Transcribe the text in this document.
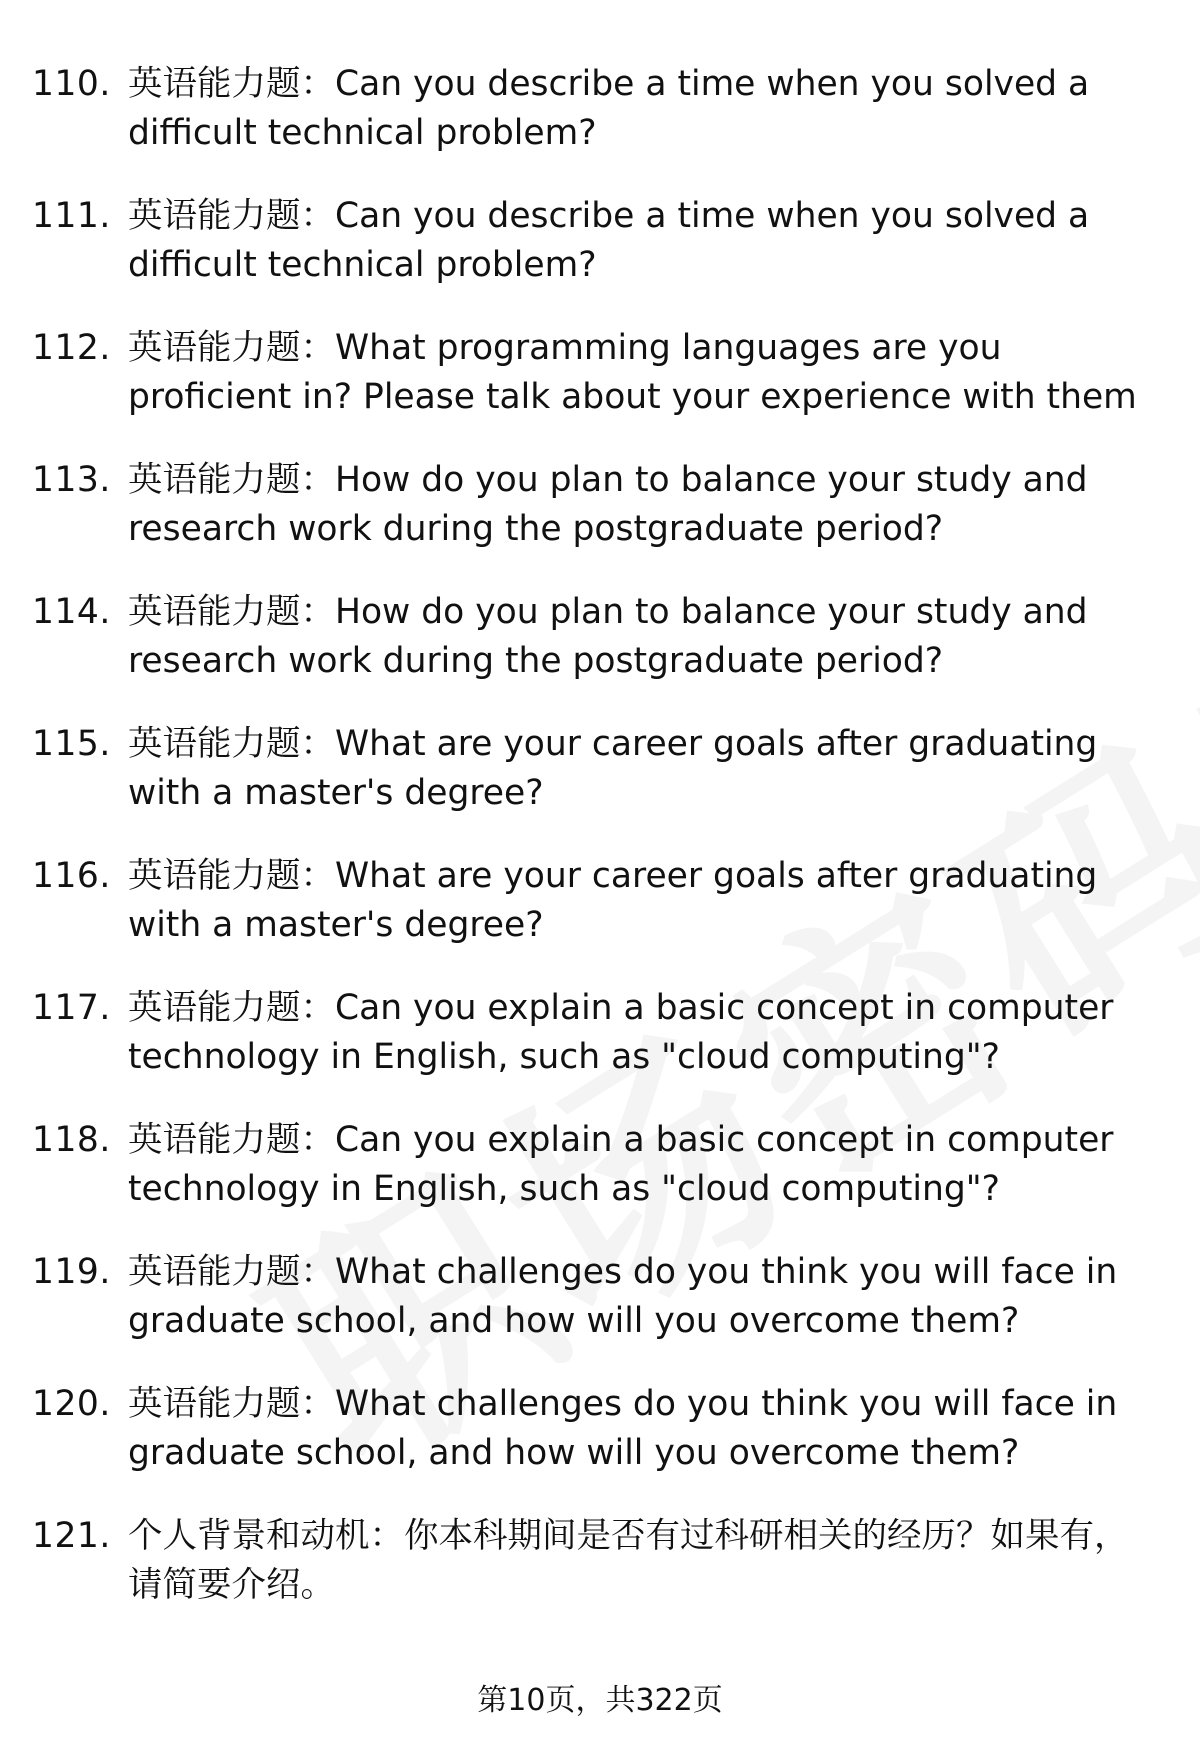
110. 英语能力题：Can you describe a time when you solved a difficult technical problem?
111. 英语能力题：Can you describe a time when you solved a difficult technical problem?
112. 英语能力题：What programming languages are you proficient in? Please talk about your experience with them
113. 英语能力题：How do you plan to balance your study and research work during the postgraduate period?
114. 英语能力题：How do you plan to balance your study and research work during the postgraduate period?
115. 英语能力题：What are your career goals after graduating with a master's degree?
116. 英语能力题：What are your career goals after graduating with a master's degree?
117. 英语能力题：Can you explain a basic concept in computer technology in English, such as "cloud computing"?
118. 英语能力题：Can you explain a basic concept in computer technology in English, such as "cloud computing"?
119. 英语能力题：What challenges do you think you will face in graduate school, and how will you overcome them?
120. 英语能力题：What challenges do you think you will face in graduate school, and how will you overcome them?
121. 个人背景和动机：你本科期间是否有过科研相关的经历？如果有，请简要介绍。
第10页，共322页
